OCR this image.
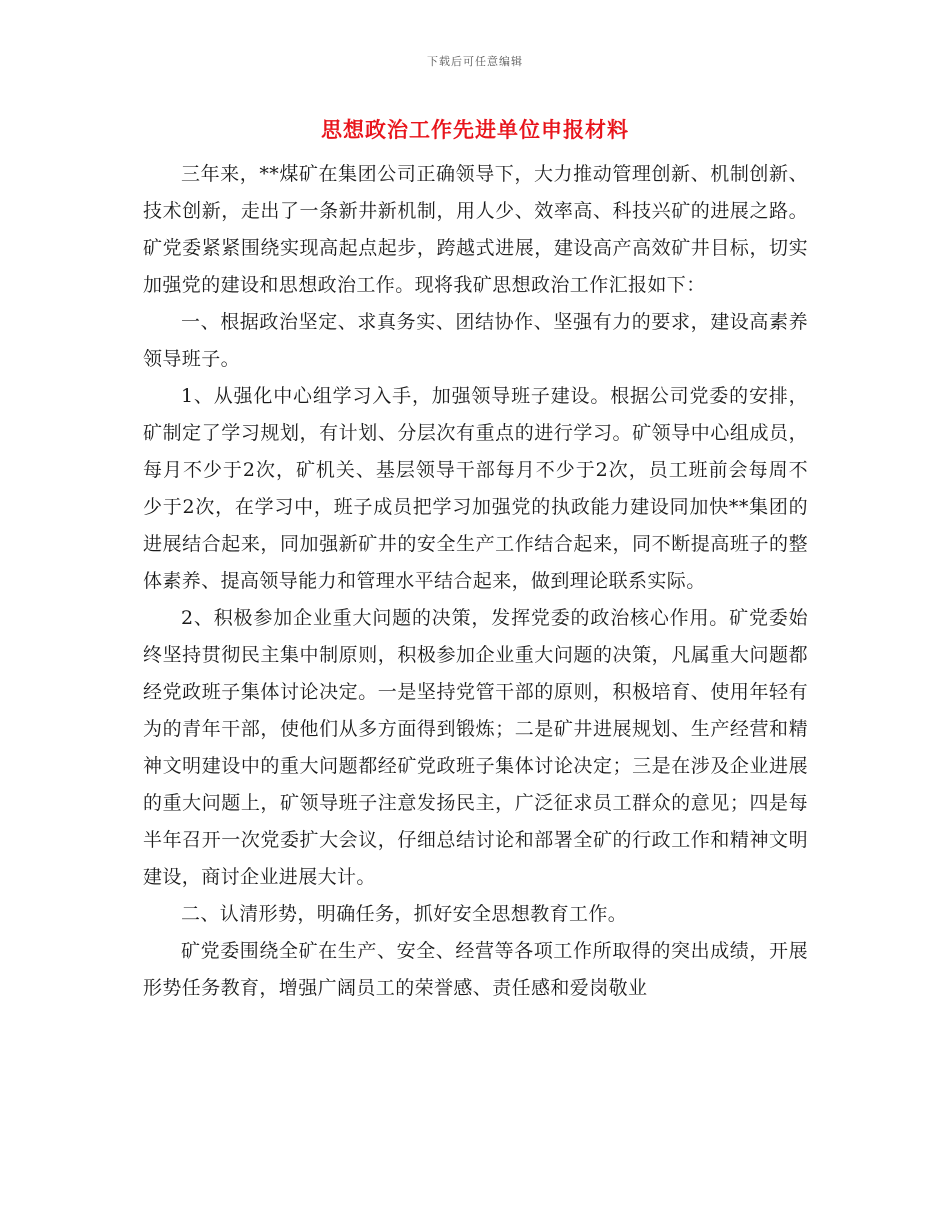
下载后可任意编辑
思想政治工作先进单位申报材料

三年来，**煤矿在集团公司正确领导下，大力推动管理创新、机制创新、技术创新，走出了一条新井新机制，用人少、效率高、科技兴矿的进展之路。矿党委紧紧围绕实现高起点起步，跨越式进展，建设高产高效矿井目标，切实加强党的建设和思想政治工作。现将我矿思想政治工作汇报如下：

一、根据政治坚定、求真务实、团结协作、坚强有力的要求，建设高素养领导班子。

1、从强化中心组学习入手，加强领导班子建设。根据公司党委的安排，矿制定了学习规划，有计划、分层次有重点的进行学习。矿领导中心组成员，每月不少于2次，矿机关、基层领导干部每月不少于2次，员工班前会每周不少于2次，在学习中，班子成员把学习加强党的执政能力建设同加快**集团的进展结合起来，同加强新矿井的安全生产工作结合起来，同不断提高班子的整体素养、提高领导能力和管理水平结合起来，做到理论联系实际。

2、积极参加企业重大问题的决策，发挥党委的政治核心作用。矿党委始终坚持贯彻民主集中制原则，积极参加企业重大问题的决策，凡属重大问题都经党政班子集体讨论决定。一是坚持党管干部的原则，积极培育、使用年轻有为的青年干部，使他们从多方面得到锻炼；二是矿井进展规划、生产经营和精神文明建设中的重大问题都经矿党政班子集体讨论决定；三是在涉及企业进展的重大问题上，矿领导班子注意发扬民主，广泛征求员工群众的意见；四是每半年召开一次党委扩大会议，仔细总结讨论和部署全矿的行政工作和精神文明建设，商讨企业进展大计。

二、认清形势，明确任务，抓好安全思想教育工作。

矿党委围绕全矿在生产、安全、经营等各项工作所取得的突出成绩，开展形势任务教育，增强广阔员工的荣誉感、责任感和爱岗敬业
